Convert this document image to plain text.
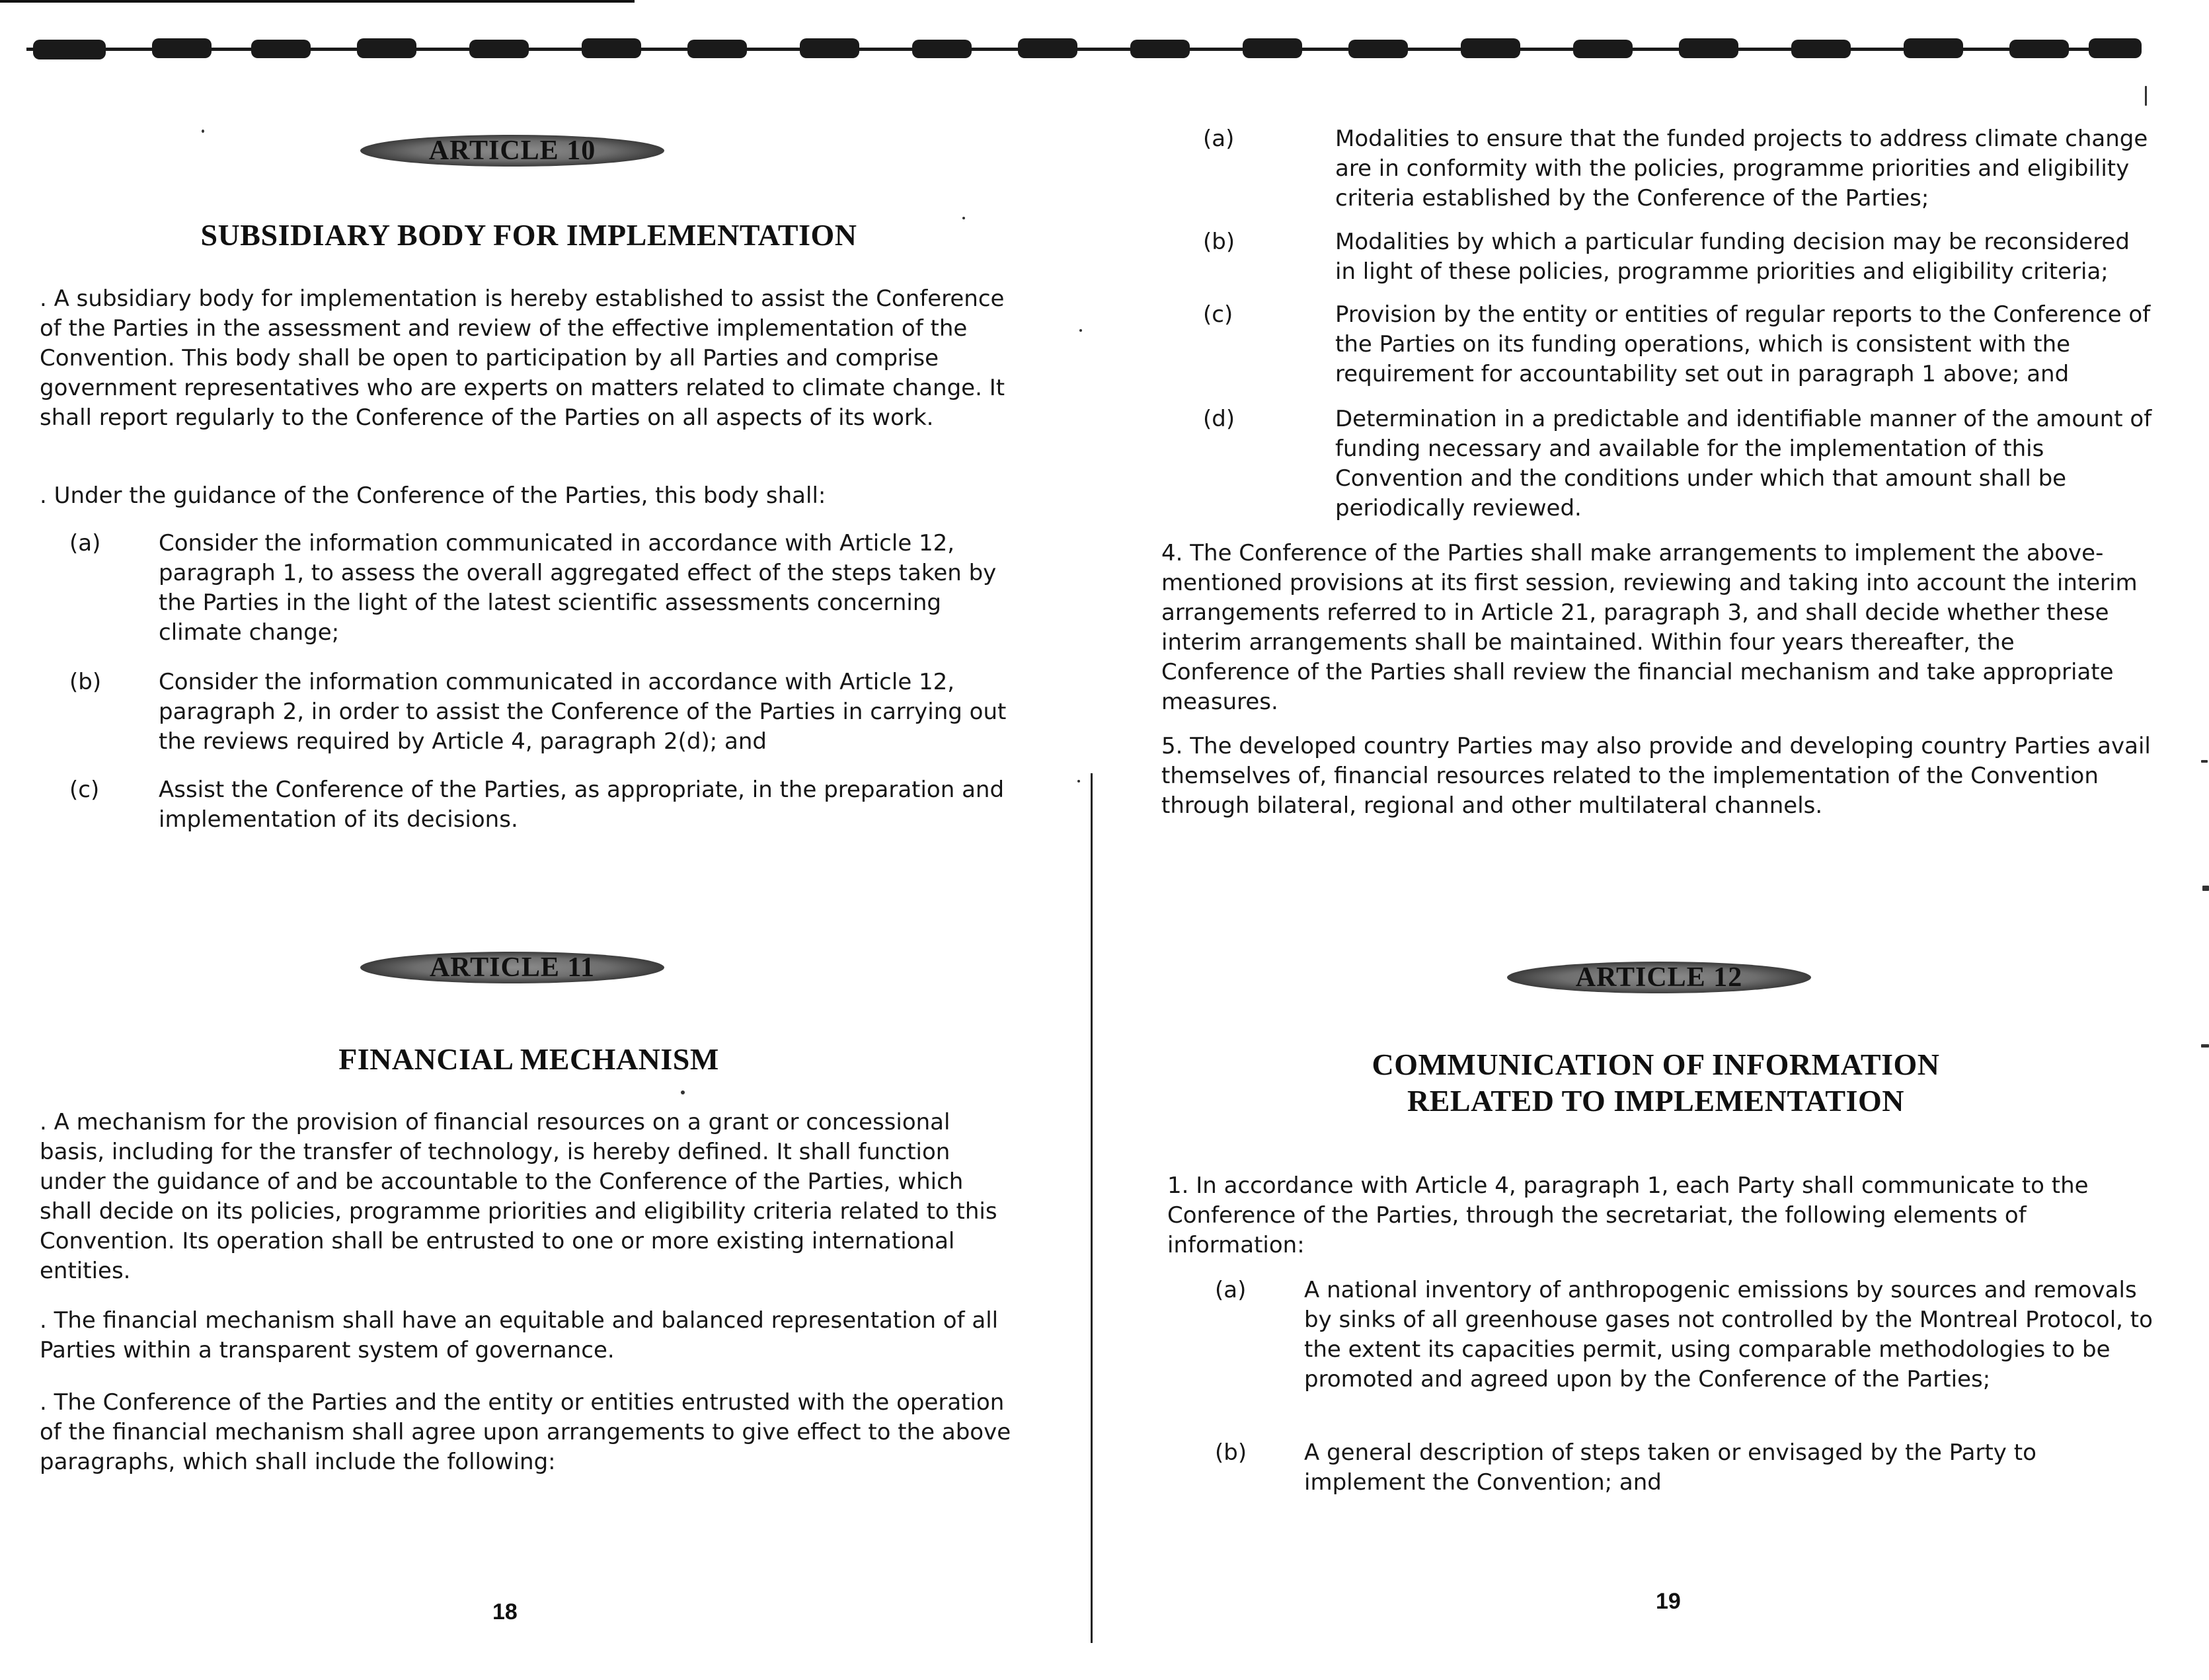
ARTICLE 10
SUBSIDIARY BODY FOR IMPLEMENTATION

. A subsidiary body for implementation is hereby established to assist the Conference of the Parties in the assessment and review of the effective implementation of the Convention. This body shall be open to participation by all Parties and comprise government representatives who are experts on matters related to climate change. It shall report regularly to the Conference of the Parties on all aspects of its work.

. Under the guidance of the Conference of the Parties, this body shall:

(a)	Consider the information communicated in accordance with Article 12, paragraph 1, to assess the overall aggregated effect of the steps taken by the Parties in the light of the latest scientific assessments concerning climate change;
(b)	Consider the information communicated in accordance with Article 12, paragraph 2, in order to assist the Conference of the Parties in carrying out the reviews required by Article 4, paragraph 2(d); and
(c)	Assist the Conference of the Parties, as appropriate, in the preparation and implementation of its decisions.
ARTICLE 11
FINANCIAL MECHANISM

. A mechanism for the provision of financial resources on a grant or concessional basis, including for the transfer of technology, is hereby defined. It shall function under the guidance of and be accountable to the Conference of the Parties, which shall decide on its policies, programme priorities and eligibility criteria related to this Convention. Its operation shall be entrusted to one or more existing international entities.

. The financial mechanism shall have an equitable and balanced representation of all Parties within a transparent system of governance.

. The Conference of the Parties and the entity or entities entrusted with the operation of the financial mechanism shall agree upon arrangements to give effect to the above paragraphs, which shall include the following:

18
(a)	Modalities to ensure that the funded projects to address climate change are in conformity with the policies, programme priorities and eligibility criteria established by the Conference of the Parties;
(b)	Modalities by which a particular funding decision may be reconsidered in light of these policies, programme priorities and eligibility criteria;
(c)	Provision by the entity or entities of regular reports to the Conference of the Parties on its funding operations, which is consistent with the requirement for accountability set out in paragraph 1 above; and
(d)	Determination in a predictable and identifiable manner of the amount of funding necessary and available for the implementation of this Convention and the conditions under which that amount shall be periodically reviewed.

4. The Conference of the Parties shall make arrangements to implement the above-mentioned provisions at its first session, reviewing and taking into account the interim arrangements referred to in Article 21, paragraph 3, and shall decide whether these interim arrangements shall be maintained. Within four years thereafter, the Conference of the Parties shall review the financial mechanism and take appropriate measures.

5. The developed country Parties may also provide and developing country Parties avail themselves of, financial resources related to the implementation of the Convention through bilateral, regional and other multilateral channels.

ARTICLE 12
COMMUNICATION OF INFORMATION
RELATED TO IMPLEMENTATION

1. In accordance with Article 4, paragraph 1, each Party shall communicate to the Conference of the Parties, through the secretariat, the following elements of information:

(a)	A national inventory of anthropogenic emissions by sources and removals by sinks of all greenhouse gases not controlled by the Montreal Protocol, to the extent its capacities permit, using comparable methodologies to be promoted and agreed upon by the Conference of the Parties;
(b)	A general description of steps taken or envisaged by the Party to implement the Convention; and
19
